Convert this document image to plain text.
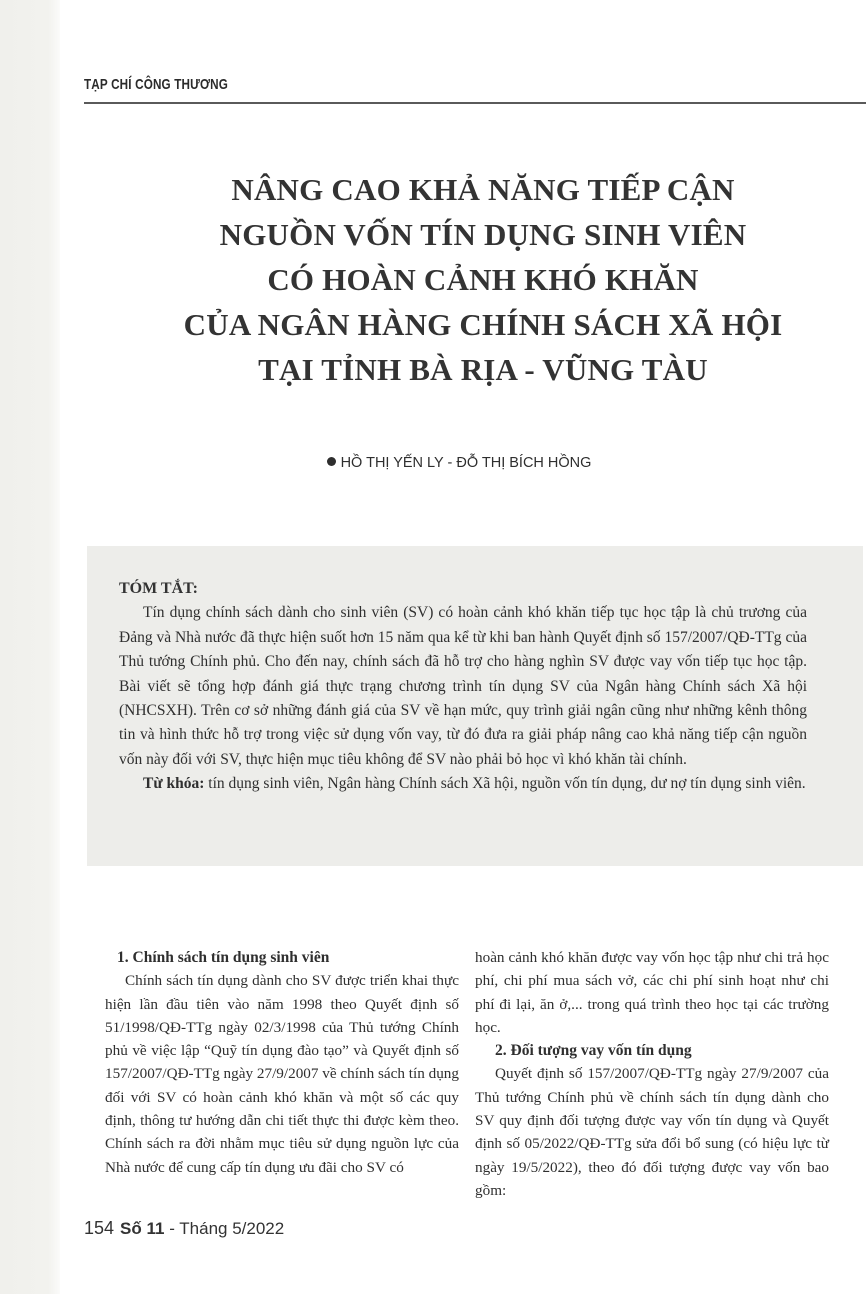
TẠP CHÍ CÔNG THƯƠNG
NÂNG CAO KHẢ NĂNG TIẾP CẬN
NGUỒN VỐN TÍN DỤNG SINH VIÊN
CÓ HOÀN CẢNH KHÓ KHĂN
CỦA NGÂN HÀNG CHÍNH SÁCH XÃ HỘI
TẠI TỈNH BÀ RỊA - VŨNG TÀU
HỒ THỊ YẾN LY - ĐỖ THỊ BÍCH HỒNG
TÓM TẮT:

Tín dụng chính sách dành cho sinh viên (SV) có hoàn cảnh khó khăn tiếp tục học tập là chủ trương của Đảng và Nhà nước đã thực hiện suốt hơn 15 năm qua kể từ khi ban hành Quyết định số 157/2007/QĐ-TTg của Thủ tướng Chính phủ. Cho đến nay, chính sách đã hỗ trợ cho hàng nghìn SV được vay vốn tiếp tục học tập. Bài viết sẽ tổng hợp đánh giá thực trạng chương trình tín dụng SV của Ngân hàng Chính sách Xã hội (NHCSXH). Trên cơ sở những đánh giá của SV về hạn mức, quy trình giải ngân cũng như những kênh thông tin và hình thức hỗ trợ trong việc sử dụng vốn vay, từ đó đưa ra giải pháp nâng cao khả năng tiếp cận nguồn vốn này đối với SV, thực hiện mục tiêu không để SV nào phải bỏ học vì khó khăn tài chính.

Từ khóa: tín dụng sinh viên, Ngân hàng Chính sách Xã hội, nguồn vốn tín dụng, dư nợ tín dụng sinh viên.

1. Chính sách tín dụng sinh viên

Chính sách tín dụng dành cho SV được triển khai thực hiện lần đầu tiên vào năm 1998 theo Quyết định số 51/1998/QĐ-TTg ngày 02/3/1998 của Thủ tướng Chính phủ về việc lập “Quỹ tín dụng đào tạo” và Quyết định số 157/2007/QĐ-TTg ngày 27/9/2007 về chính sách tín dụng đối với SV có hoàn cảnh khó khăn và một số các quy định, thông tư hướng dẫn chi tiết thực thi được kèm theo. Chính sách ra đời nhằm mục tiêu sử dụng nguồn lực của Nhà nước để cung cấp tín dụng ưu đãi cho SV có

hoàn cảnh khó khăn được vay vốn học tập như chi trả học phí, chi phí mua sách vở, các chi phí sinh hoạt như chi phí đi lại, ăn ở,... trong quá trình theo học tại các trường học.

2. Đối tượng vay vốn tín dụng

Quyết định số 157/2007/QĐ-TTg ngày 27/9/2007 của Thủ tướng Chính phủ về chính sách tín dụng dành cho SV quy định đối tượng được vay vốn tín dụng và Quyết định số 05/2022/QĐ-TTg sửa đổi bổ sung (có hiệu lực từ ngày 19/5/2022), theo đó đối tượng được vay vốn bao gồm:

154 Số 11 - Tháng 5/2022
